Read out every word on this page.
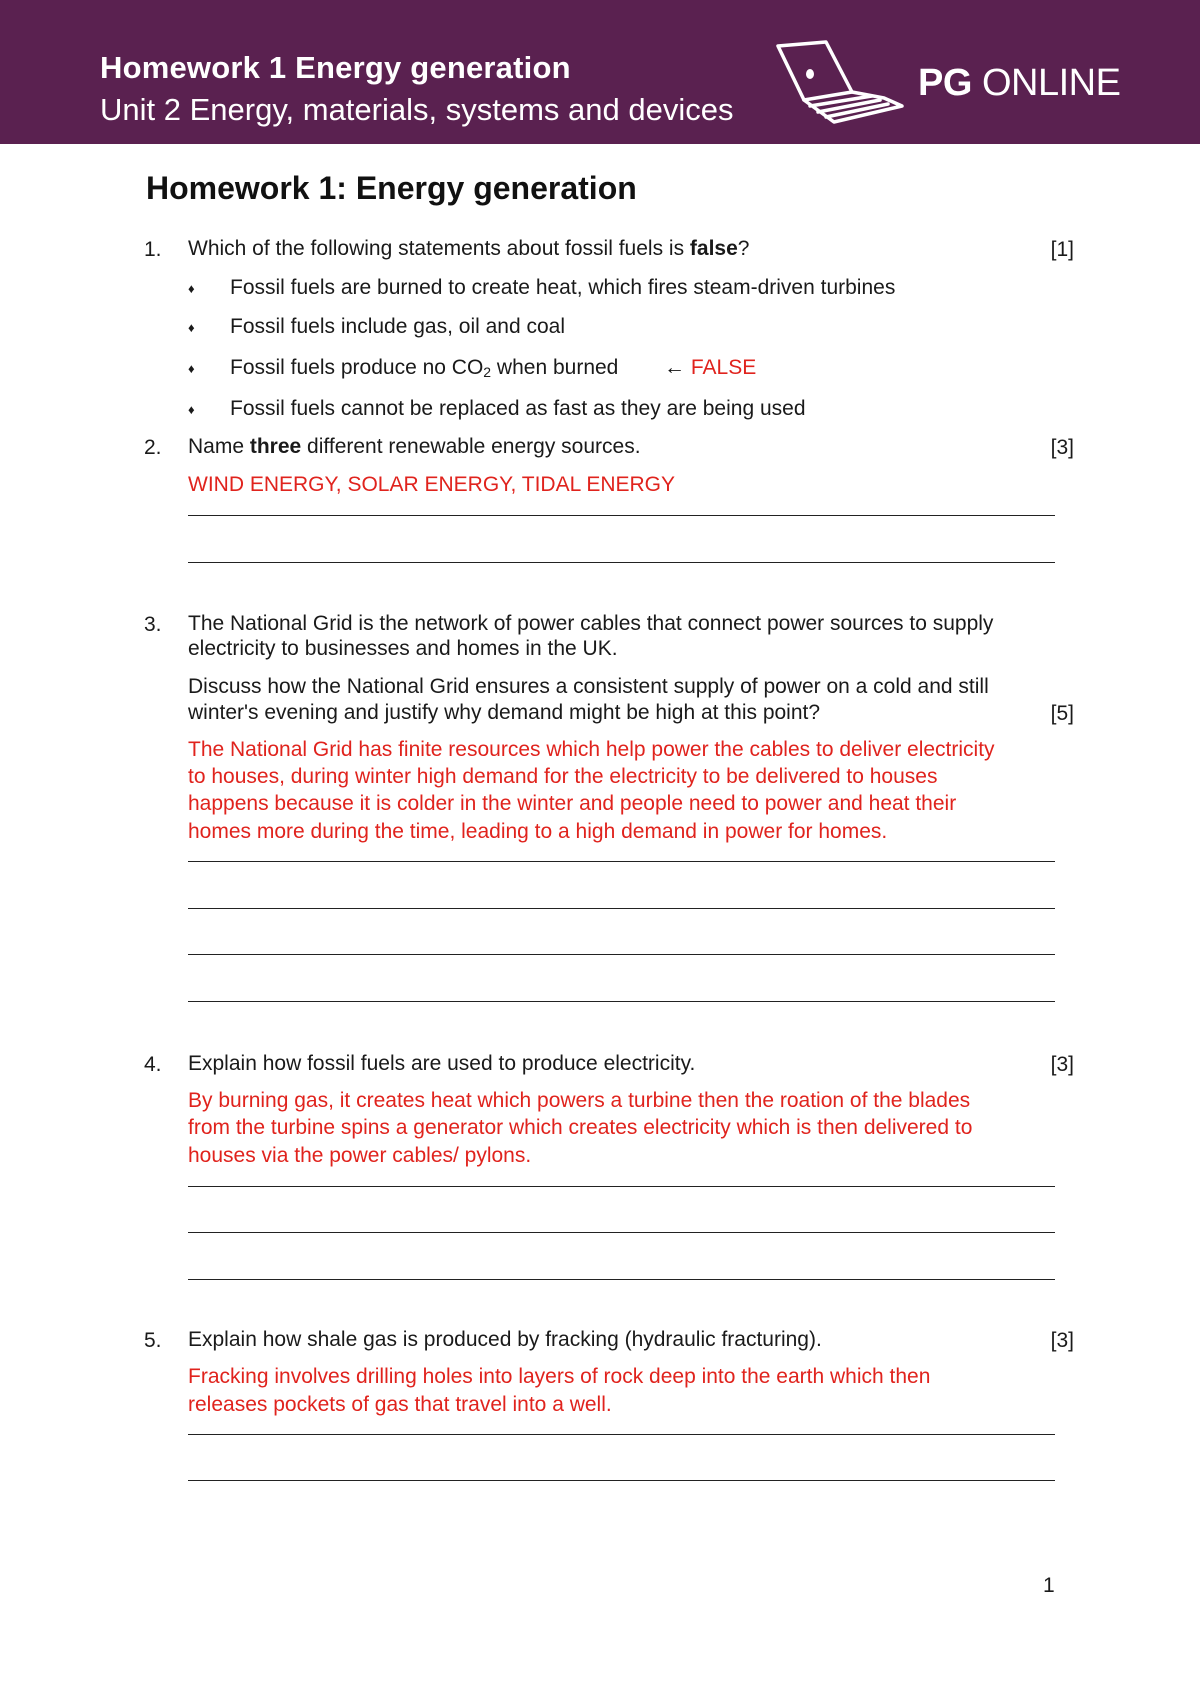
Homework 1 Energy generation
Unit 2 Energy, materials, systems and devices
PG ONLINE
Homework 1: Energy generation
1. Which of the following statements about fossil fuels is false?	[1]
♦ Fossil fuels are burned to create heat, which fires steam-driven turbines
♦ Fossil fuels include gas, oil and coal
♦ Fossil fuels produce no $CO_2$ when burned ← FALSE
♦ Fossil fuels cannot be replaced as fast as they are being used
2. Name three different renewable energy sources.	[3]
WIND ENERGY, SOLAR ENERGY, TIDAL ENERGY
3. The National Grid is the network of power cables that connect power sources to supply
electricity to businesses and homes in the UK.
Discuss how the National Grid ensures a consistent supply of power on a cold and still
winter's evening and justify why demand might be high at this point?	[5]
The National Grid has finite resources which help power the cables to deliver electricity
to houses, during winter high demand for the electricity to be delivered to houses
happens because it is colder in the winter and people need to power and heat their
homes more during the time, leading to a high demand in power for homes.
4. Explain how fossil fuels are used to produce electricity.	[3]
By burning gas, it creates heat which powers a turbine then the roation of the blades
from the turbine spins a generator which creates electricity which is then delivered to
houses via the power cables/ pylons.
5. Explain how shale gas is produced by fracking (hydraulic fracturing).	[3]
Fracking involves drilling holes into layers of rock deep into the earth which then
releases pockets of gas that travel into a well.
1
